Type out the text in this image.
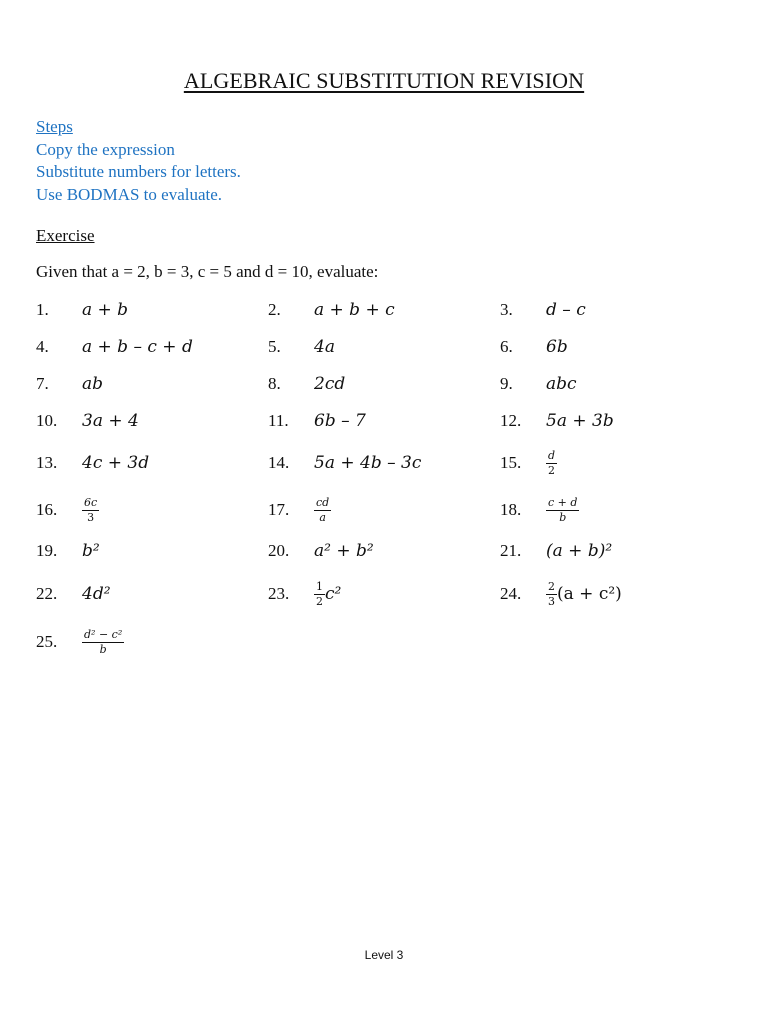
ALGEBRAIC SUBSTITUTION REVISION
Steps
Copy the expression
Substitute numbers for letters.
Use BODMAS to evaluate.
Exercise
Given that a = 2, b = 3, c = 5 and d = 10, evaluate:
1.	a + b	2.	a + b + c	3.	d – c
4.	a + b – c + d	5.	4a	6.	6b
7.	ab	8.	2cd	9.	abc
10.	3a + 4	11.	6b – 7	12.	5a + 3b
13.	4c + 3d	14.	5a + 4b – 3c	15.	$\frac{d}{2}$
16.	$\frac{6c}{3}$	17.	$\frac{cd}{a}$	18.	$\frac{c + d}{b}$
19.	b²	20.	a² + b²	21.	(a + b)²
22.	4d²	23.	$\frac{1}{2} c^2$	24.	$\frac{2}{3} (a + c^2)$
25.	$\frac{\text{d² − c²}}{b}$
Level 3
